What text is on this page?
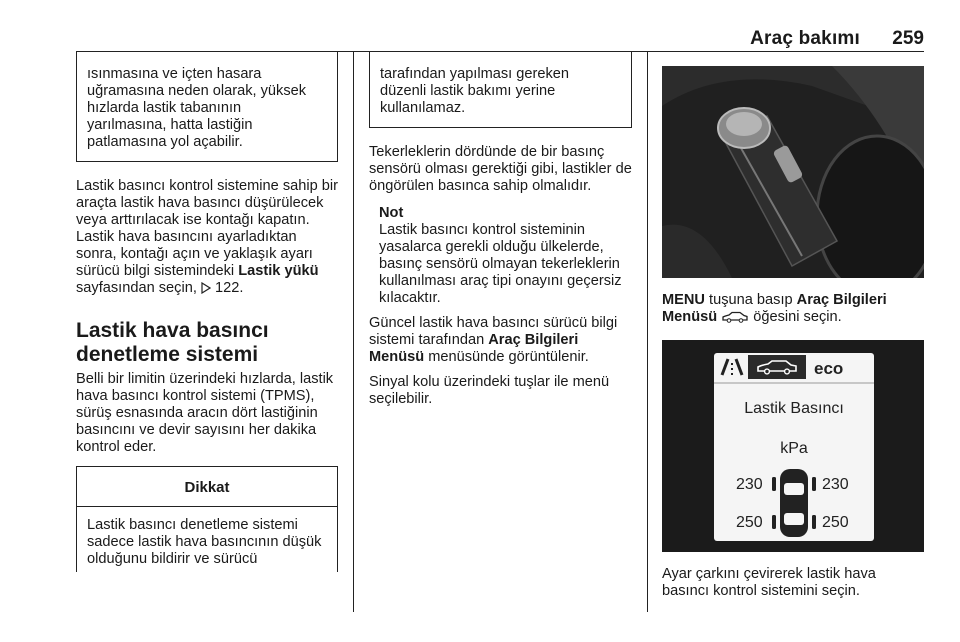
Araç bakımı 259
ısınmasına ve içten hasara
uğramasına neden olarak, yüksek
hızlarda lastik tabanının
yarılmasına, hatta lastiğin
patlamasına yol açabilir.

Lastik basıncı kontrol sistemine sahip bir araçta lastik hava basıncı düşürülecek veya arttırılacak ise kontağı kapatın. Lastik hava basıncını ayarladıktan sonra, kontağı açın ve yaklaşık ayarı sürücü bilgi sistemindeki Lastik yükü sayfasından seçin,  122.

Lastik hava basıncı denetleme sistemi

Belli bir limitin üzerindeki hızlarda, lastik hava basıncı kontrol sistemi (TPMS), sürüş esnasında aracın dört lastiğinin basıncını ve devir sayısını her dakika kontrol eder.

Dikkat
Lastik basıncı denetleme sistemi sadece lastik hava basıncının düşük olduğunu bildirir ve sürücü
tarafından yapılması gereken
düzenli lastik bakımı yerine
kullanılamaz.

Tekerleklerin dördünde de bir basınç sensörü olması gerektiği gibi, lastikler de öngörülen basınca sahip olmalıdır.

Not
Lastik basıncı kontrol sisteminin yasalarca gerekli olduğu ülkelerde, basınç sensörü olmayan tekerleklerin kullanılması araç tipi onayını geçersiz kılacaktır.

Güncel lastik hava basıncı sürücü bilgi sistemi tarafından Araç Bilgileri Menüsü menüsünde görüntülenir.

Sinyal kolu üzerindeki tuşlar ile menü seçilebilir.

MENU tuşuna basıp Araç Bilgileri Menüsü  öğesini seçin.

eco
Lastik Basıncı
kPa
230	230
250	250

Ayar çarkını çevirerek lastik hava basıncı kontrol sistemini seçin.
